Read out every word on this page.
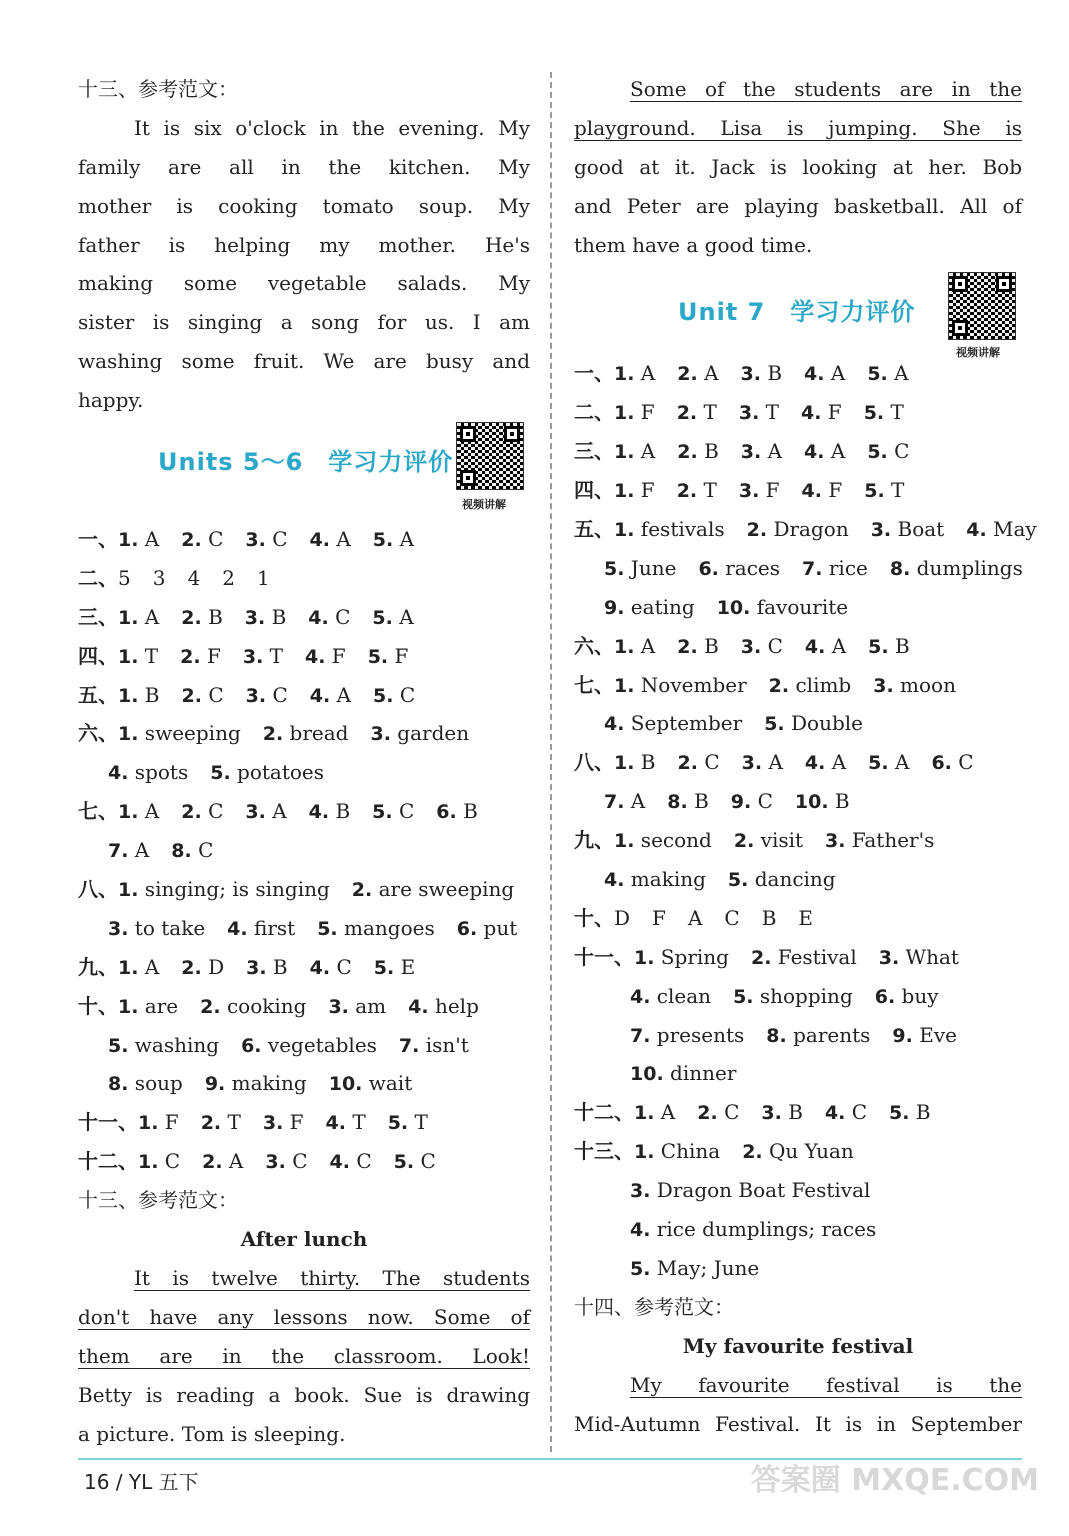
十三、参考范文：
It is six o'clock in the evening. My
family are all in the kitchen. My
mother is cooking tomato soup. My
father is helping my mother. He's
making some vegetable salads. My
sister is singing a song for us. I am
washing some fruit. We are busy and
happy.
Units 5～6　学习力评价
视频讲解
一、1. A 2. C 3. C 4. A 5. A
二、5 3 4 2 1
三、1. A 2. B 3. B 4. C 5. A
四、1. T 2. F 3. T 4. F 5. F
五、1. B 2. C 3. C 4. A 5. C
六、1. sweeping 2. bread 3. garden
4. spots 5. potatoes
七、1. A 2. C 3. A 4. B 5. C 6. B
7. A 8. C
八、1. singing; is singing 2. are sweeping
3. to take 4. first 5. mangoes 6. put
九、1. A 2. D 3. B 4. C 5. E
十、1. are 2. cooking 3. am 4. help
5. washing 6. vegetables 7. isn't
8. soup 9. making 10. wait
十一、1. F 2. T 3. F 4. T 5. T
十二、1. C 2. A 3. C 4. C 5. C
十三、参考范文：
After lunch
It is twelve thirty. The students
don't have any lessons now. Some of
them are in the classroom. Look!
Betty is reading a book. Sue is drawing
a picture. Tom is sleeping.
Some of the students are in the
playground. Lisa is jumping. She is
good at it. Jack is looking at her. Bob
and Peter are playing basketball. All of
them have a good time.
Unit 7　学习力评价
视频讲解
一、1. A 2. A 3. B 4. A 5. A
二、1. F 2. T 3. T 4. F 5. T
三、1. A 2. B 3. A 4. A 5. C
四、1. F 2. T 3. F 4. F 5. T
五、1. festivals 2. Dragon 3. Boat 4. May
5. June 6. races 7. rice 8. dumplings
9. eating 10. favourite
六、1. A 2. B 3. C 4. A 5. B
七、1. November 2. climb 3. moon
4. September 5. Double
八、1. B 2. C 3. A 4. A 5. A 6. C
7. A 8. B 9. C 10. B
九、1. second 2. visit 3. Father's
4. making 5. dancing
十、D F A C B E
十一、1. Spring 2. Festival 3. What
4. clean 5. shopping 6. buy
7. presents 8. parents 9. Eve
10. dinner
十二、1. A 2. C 3. B 4. C 5. B
十三、1. China 2. Qu Yuan
3. Dragon Boat Festival
4. rice dumplings; races
5. May; June
十四、参考范文：
My favourite festival
My favourite festival is the
Mid-Autumn Festival. It is in September
16 / YL 五下	答案圈 MXQE.COM
